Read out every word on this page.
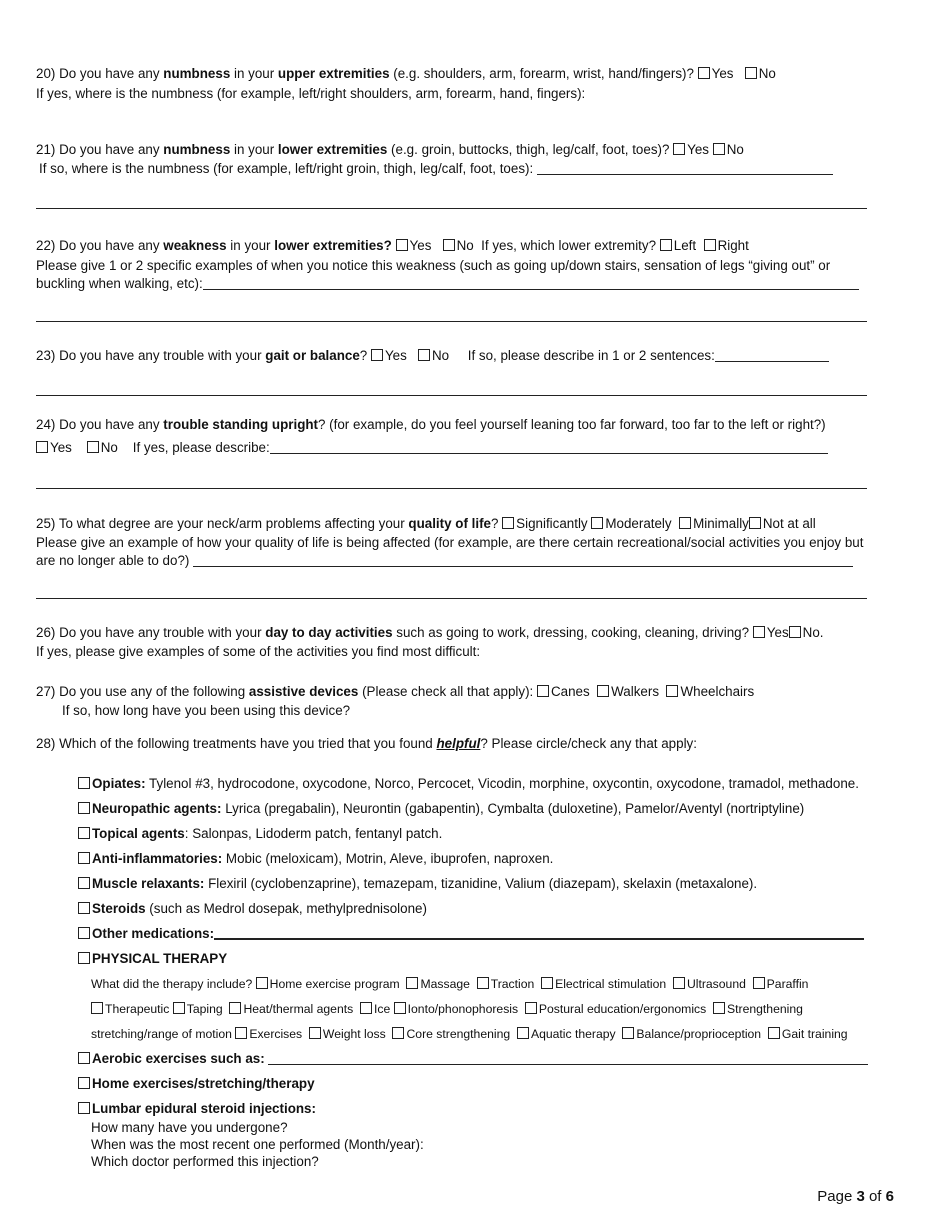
20) Do you have any numbness in your upper extremities (e.g. shoulders, arm, forearm, wrist, hand/fingers)? Yes No
If yes, where is the numbness (for example, left/right shoulders, arm, forearm, hand, fingers):
21) Do you have any numbness in your lower extremities (e.g. groin, buttocks, thigh, leg/calf, foot, toes)? Yes No
If so, where is the numbness (for example, left/right groin, thigh, leg/calf, foot, toes):
22) Do you have any weakness in your lower extremities? Yes No If yes, which lower extremity? Left Right
Please give 1 or 2 specific examples of when you notice this weakness (such as going up/down stairs, sensation of legs “giving out” or
buckling when walking, etc):
23) Do you have any trouble with your gait or balance? Yes No If so, please describe in 1 or 2 sentences:
24) Do you have any trouble standing upright? (for example, do you feel yourself leaning too far forward, too far to the left or right?)
Yes No If yes, please describe:
25) To what degree are your neck/arm problems affecting your quality of life? Significantly Moderately Minimally Not at all
Please give an example of how your quality of life is being affected (for example, are there certain recreational/social activities you enjoy but
are no longer able to do?)
26) Do you have any trouble with your day to day activities such as going to work, dressing, cooking, cleaning, driving? Yes No.
If yes, please give examples of some of the activities you find most difficult:
27) Do you use any of the following assistive devices (Please check all that apply): Canes Walkers Wheelchairs
If so, how long have you been using this device?
28) Which of the following treatments have you tried that you found helpful? Please circle/check any that apply:
Opiates: Tylenol #3, hydrocodone, oxycodone, Norco, Percocet, Vicodin, morphine, oxycontin, oxycodone, tramadol, methadone.
Neuropathic agents: Lyrica (pregabalin), Neurontin (gabapentin), Cymbalta (duloxetine), Pamelor/Aventyl (nortriptyline)
Topical agents: Salonpas, Lidoderm patch, fentanyl patch.
Anti-inflammatories: Mobic (meloxicam), Motrin, Aleve, ibuprofen, naproxen.
Muscle relaxants: Flexiril (cyclobenzaprine), temazepam, tizanidine, Valium (diazepam), skelaxin (metaxalone).
Steroids (such as Medrol dosepak, methylprednisolone)
Other medications:
PHYSICAL THERAPY
What did the therapy include? Home exercise program Massage Traction Electrical stimulation Ultrasound Paraffin
Therapeutic Taping Heat/thermal agents Ice Ionto/phonophoresis Postural education/ergonomics Strengthening
stretching/range of motion Exercises Weight loss Core strengthening Aquatic therapy Balance/proprioception Gait training
Aerobic exercises such as:
Home exercises/stretching/therapy
Lumbar epidural steroid injections:
How many have you undergone?
When was the most recent one performed (Month/year):
Which doctor performed this injection?
Page 3 of 6
